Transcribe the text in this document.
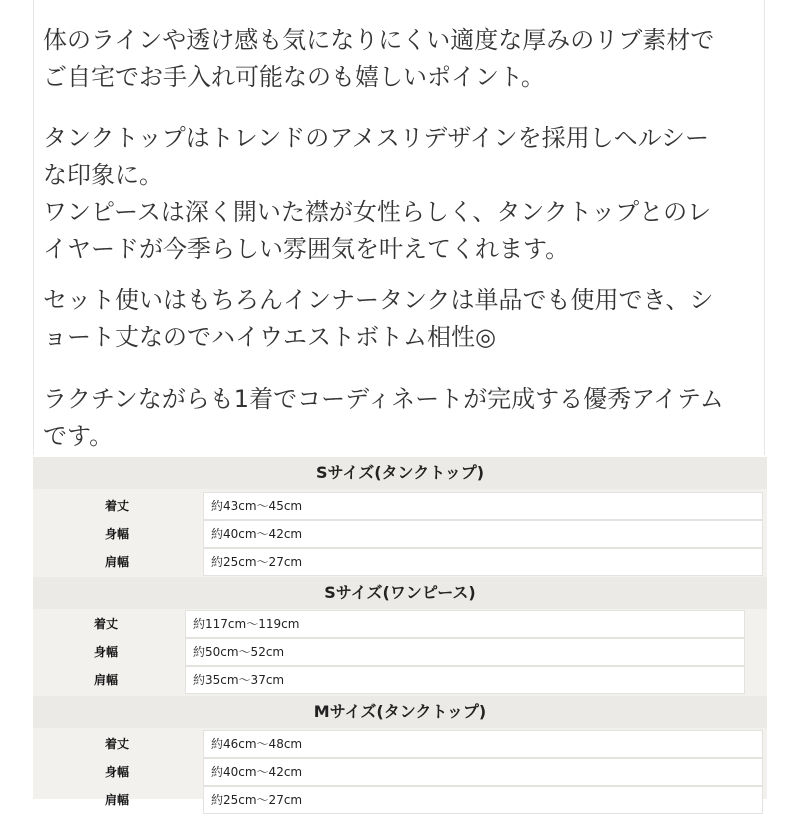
体のラインや透け感も気になりにくい適度な厚みのリブ素材で
ご自宅でお手入れ可能なのも嬉しいポイント。

タンクトップはトレンドのアメスリデザインを採用しヘルシー
な印象に。
ワンピースは深く開いた襟が女性らしく、タンクトップとのレ
イヤードが今季らしい雰囲気を叶えてくれます。

セット使いはもちろんインナータンクは単品でも使用でき、シ
ョート丈なのでハイウエストボトム相性◎

ラクチンながらも1着でコーディネートが完成する優秀アイテム
です。

Sサイズ(タンクトップ)
着丈	約43cm〜45cm
身幅	約40cm〜42cm
肩幅	約25cm〜27cm
Sサイズ(ワンピース)
着丈	約117cm〜119cm
身幅	約50cm〜52cm
肩幅	約35cm〜37cm
Mサイズ(タンクトップ)
着丈	約46cm〜48cm
身幅	約40cm〜42cm
肩幅	約25cm〜27cm
